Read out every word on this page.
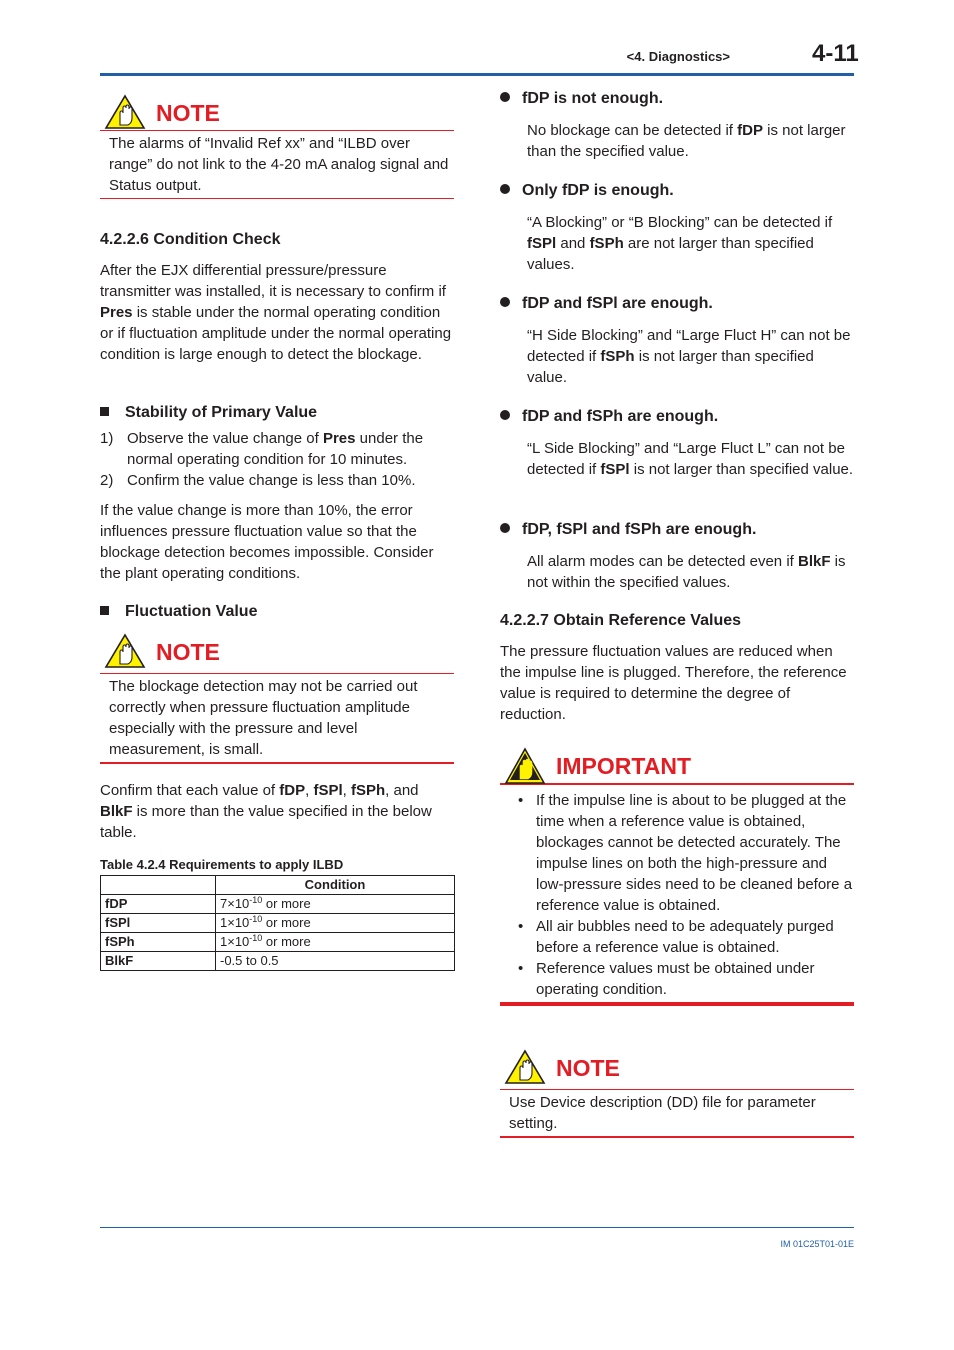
<4. Diagnostics>	4-11
NOTE
The alarms of “Invalid Ref xx” and “ILBD over range” do not link to the 4-20 mA analog signal and Status output.
4.2.2.6 Condition Check

After the EJX differential pressure/pressure transmitter was installed, it is necessary to confirm if Pres is stable under the normal operating condition or if fluctuation amplitude under the normal operating condition is large enough to detect the blockage.

Stability of Primary Value
1) Observe the value change of Pres under the normal operating condition for 10 minutes.
2) Confirm the value change is less than 10%.

If the value change is more than 10%, the error influences pressure fluctuation value so that the blockage detection becomes impossible. Consider the plant operating conditions.

Fluctuation Value
NOTE
The blockage detection may not be carried out correctly when pressure fluctuation amplitude especially with the pressure and level measurement, is small.

Confirm that each value of fDP, fSPl, fSPh, and BlkF is more than the value specified in the below table.

Table 4.2.4 Requirements to apply ILBD
	Condition
fDP	$7\times 10^{-10}$ or more
fSPl	$1\times 10^{-10}$ or more
fSPh	$1\times 10^{-10}$ or more
BlkF	-0.5 to 0.5
fDP is not enough.

No blockage can be detected if fDP is not larger than the specified value.

Only fDP is enough.

“A Blocking” or “B Blocking” can be detected if fSPl and fSPh are not larger than specified values.

fDP and fSPl are enough.

“H Side Blocking” and “Large Fluct H” can not be detected if fSPh is not larger than specified value.

fDP and fSPh are enough.

“L Side Blocking” and “Large Fluct L” can not be detected if fSPl is not larger than specified value.

fDP, fSPl and fSPh are enough.

All alarm modes can be detected even if BlkF is not within the specified values.

4.2.2.7 Obtain Reference Values

The pressure fluctuation values are reduced when the impulse line is plugged. Therefore, the reference value is required to determine the degree of reduction.

IMPORTANT
• If the impulse line is about to be plugged at the time when a reference value is obtained, blockages cannot be detected accurately. The impulse lines on both the high-pressure and low-pressure sides need to be cleaned before a reference value is obtained.
• All air bubbles need to be adequately purged before a reference value is obtained.
• Reference values must be obtained under operating condition.
NOTE
Use Device description (DD) file for parameter setting.
IM 01C25T01-01E
